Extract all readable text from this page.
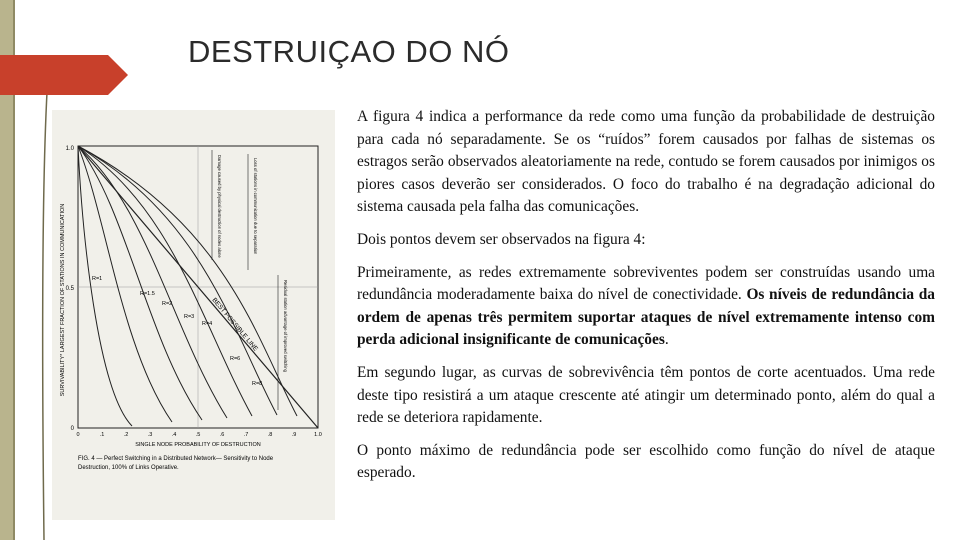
DESTRUIÇAO DO NÓ
1.0
0.5
0
0	.1	.2	.3	.4	.5	.6	.7	.8	.9	1.0
SINGLE NODE PROBABILITY OF DESTRUCTION
SURVIVABILITY* LARGEST FRACTION OF STATIONS IN COMMUNICATION	BEST POSSIBLE LINE
R=1
R=1.5
R=2
R=3
R=4
R=6
R=8
Damage caused by physical destruction of nodes alone	Loss of stations in communication due to separation
Residual station advantage of improved switching
FIG. 4 — Perfect Switching in a Distributed Network— Sensitivity to Node
Destruction, 100% of Links Operative.

A figura 4 indica a performance da rede como uma função da probabilidade de destruição para cada nó separadamente. Se os “ruídos” forem causados por falhas de sistemas os estragos serão observados aleatoriamente na rede, contudo se forem causados por inimigos os piores casos deverão ser considerados. O foco do trabalho é na degradação adicional do sistema causada pela falha das comunicações.

Dois pontos devem ser observados na figura 4:

Primeiramente, as redes extremamente sobreviventes podem ser construídas usando uma redundância moderadamente baixa do nível de conectividade. Os níveis de redundância da ordem de apenas três permitem suportar ataques de nível extremamente intenso com perda adicional insignificante de comunicações.

Em segundo lugar, as curvas de sobrevivência têm pontos de corte acentuados. Uma rede deste tipo resistirá a um ataque crescente até atingir um determinado ponto, além do qual a rede se deteriora rapidamente.

O ponto máximo de redundância pode ser escolhido como função do nível de ataque esperado.
